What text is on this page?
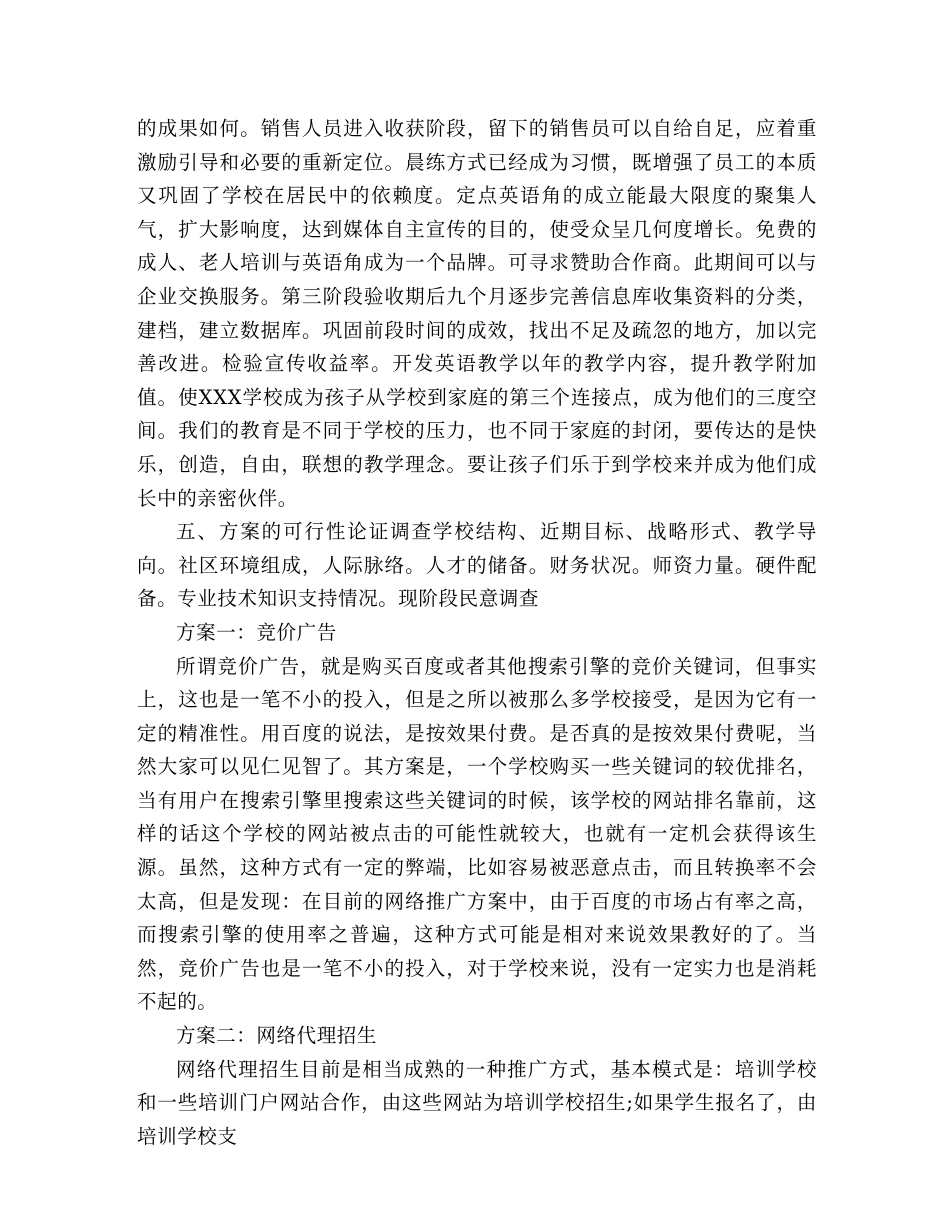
的成果如何。销售人员进入收获阶段，留下的销售员可以自给自足，应着重激励引导和必要的重新定位。晨练方式已经成为习惯，既增强了员工的本质又巩固了学校在居民中的依赖度。定点英语角的成立能最大限度的聚集人气，扩大影响度，达到媒体自主宣传的目的，使受众呈几何度增长。免费的成人、老人培训与英语角成为一个品牌。可寻求赞助合作商。此期间可以与企业交换服务。第三阶段验收期后九个月逐步完善信息库收集资料的分类，建档，建立数据库。巩固前段时间的成效，找出不足及疏忽的地方，加以完善改进。检验宣传收益率。开发英语教学以年的教学内容，提升教学附加值。使XXX学校成为孩子从学校到家庭的第三个连接点，成为他们的三度空间。我们的教育是不同于学校的压力，也不同于家庭的封闭，要传达的是快乐，创造，自由，联想的教学理念。要让孩子们乐于到学校来并成为他们成长中的亲密伙伴。

五、方案的可行性论证调查学校结构、近期目标、战略形式、教学导向。社区环境组成，人际脉络。人才的储备。财务状况。师资力量。硬件配备。专业技术知识支持情况。现阶段民意调查

方案一：竞价广告

所谓竞价广告，就是购买百度或者其他搜索引擎的竞价关键词，但事实上，这也是一笔不小的投入，但是之所以被那么多学校接受，是因为它有一定的精准性。用百度的说法，是按效果付费。是否真的是按效果付费呢，当然大家可以见仁见智了。其方案是，一个学校购买一些关键词的较优排名，当有用户在搜索引擎里搜索这些关键词的时候，该学校的网站排名靠前，这样的话这个学校的网站被点击的可能性就较大，也就有一定机会获得该生源。虽然，这种方式有一定的弊端，比如容易被恶意点击，而且转换率不会太高，但是发现：在目前的网络推广方案中，由于百度的市场占有率之高，而搜索引擎的使用率之普遍，这种方式可能是相对来说效果教好的了。当然，竞价广告也是一笔不小的投入，对于学校来说，没有一定实力也是消耗不起的。

方案二：网络代理招生

网络代理招生目前是相当成熟的一种推广方式，基本模式是：培训学校和一些培训门户网站合作，由这些网站为培训学校招生;如果学生报名了，由培训学校支
